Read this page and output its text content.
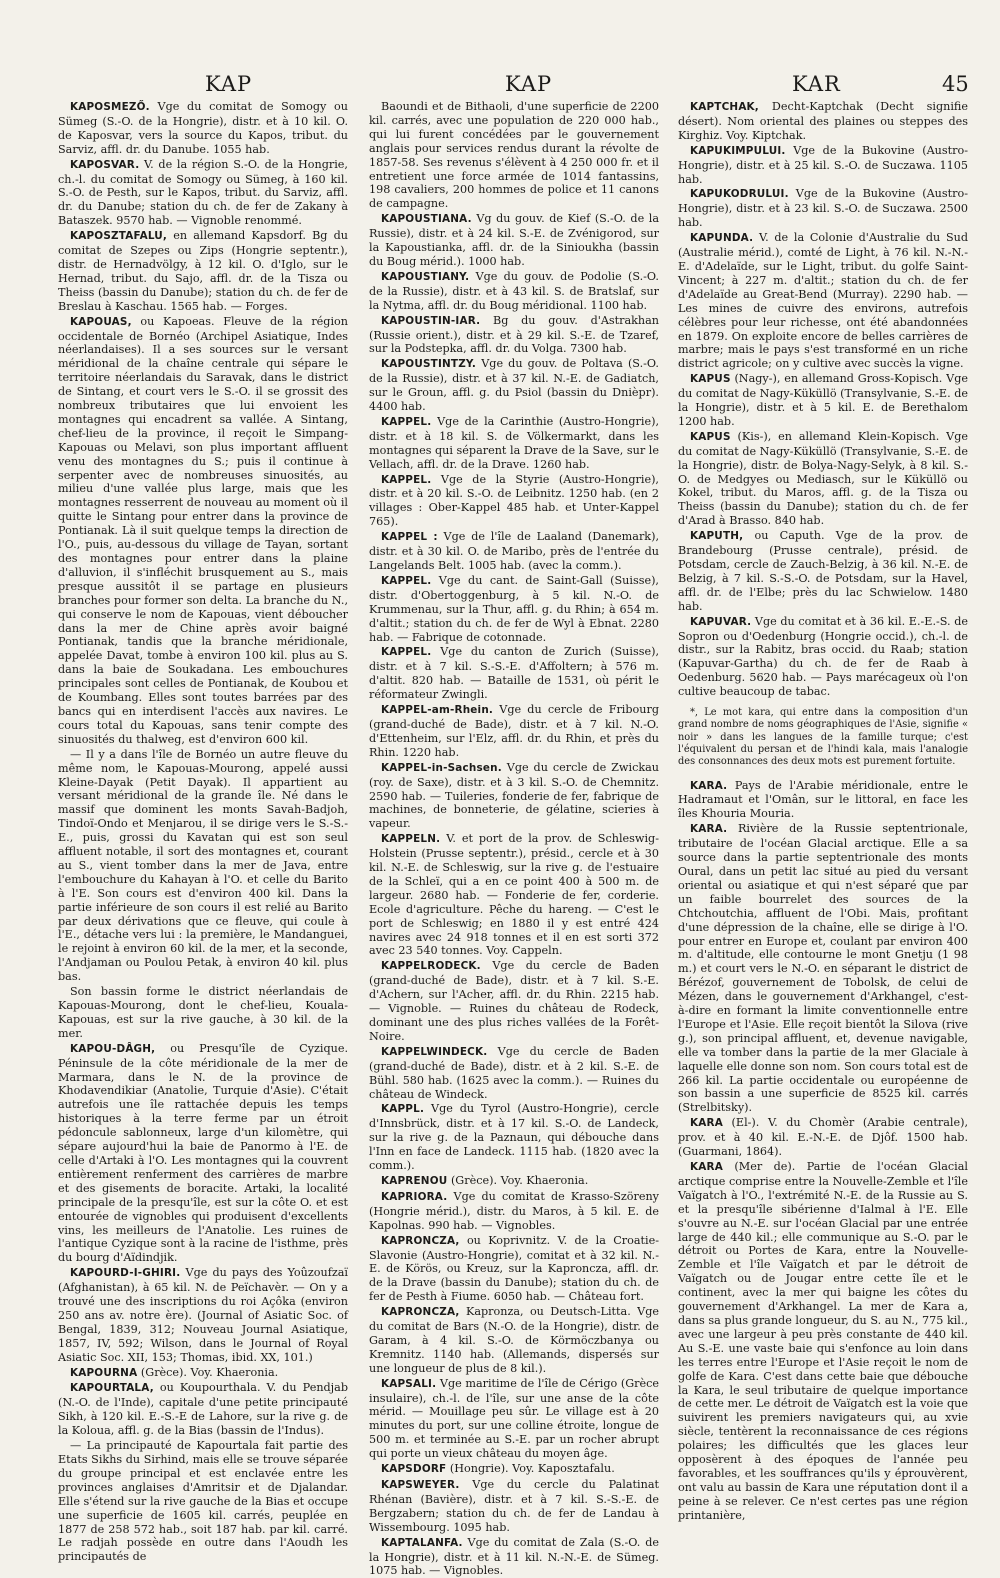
KAP	KAP	KAR	45

KAPOSMEZŐ. Vge du comitat de Somogy ou Sümeg (S.-O. de la Hongrie), distr. et à 10 kil. O. de Kaposvar, vers la source du Kapos, tribut. du Sarviz, affl. dr. du Danube. 1055 hab.

KAPOSVAR. V. de la région S.-O. de la Hongrie, ch.-l. du comitat de Somogy ou Sümeg, à 160 kil. S.-O. de Pesth, sur le Kapos, tribut. du Sarviz, affl. dr. du Danube; station du ch. de fer de Zakany à Bataszek. 9570 hab. — Vignoble renommé.

KAPOSZTAFALU, en allemand Kapsdorf. Bg du comitat de Szepes ou Zips (Hongrie septentr.), distr. de Hernadvölgy, à 12 kil. O. d'Iglo, sur le Hernad, tribut. du Sajo, affl. dr. de la Tisza ou Theiss (bassin du Danube); station du ch. de fer de Breslau à Kaschau. 1565 hab. — Forges.

KAPOUAS, ou Kapoeas. Fleuve de la région occidentale de Bornéo (Archipel Asiatique, Indes néerlandaises). Il a ses sources sur le versant méridional de la chaîne centrale qui sépare le territoire néerlandais du Saravak, dans le district de Sintang, et court vers le S.-O. il se grossit des nombreux tributaires que lui envoient les montagnes qui encadrent sa vallée. A Sintang, chef-lieu de la province, il reçoit le Simpang-Kapouas ou Melavi, son plus important affluent venu des montagnes du S.; puis il continue à serpenter avec de nombreuses sinuosités, au milieu d'une vallée plus large, mais que les montagnes resserrent de nouveau au moment où il quitte le Sintang pour entrer dans la province de Pontianak. Là il suit quelque temps la direction de l'O., puis, au-dessous du village de Tayan, sortant des montagnes pour entrer dans la plaine d'alluvion, il s'infléchit brusquement au S., mais presque aussitôt il se partage en plusieurs branches pour former son delta. La branche du N., qui conserve le nom de Kapouas, vient déboucher dans la mer de Chine après avoir baigné Pontianak, tandis que la branche méridionale, appelée Davat, tombe à environ 100 kil. plus au S. dans la baie de Soukadana. Les embouchures principales sont celles de Pontianak, de Koubou et de Koumbang. Elles sont toutes barrées par des bancs qui en interdisent l'accès aux navires. Le cours total du Kapouas, sans tenir compte des sinuosités du thalweg, est d'environ 600 kil.

— Il y a dans l'île de Bornéo un autre fleuve du même nom, le Kapouas-Mourong, appelé aussi Kleine-Dayak (Petit Dayak). Il appartient au versant méridional de la grande île. Né dans le massif que dominent les monts Savah-Badjoh, Tindoï-Ondo et Menjarou, il se dirige vers le S.-S.-E., puis, grossi du Kavatan qui est son seul affluent notable, il sort des montagnes et, courant au S., vient tomber dans la mer de Java, entre l'embouchure du Kahayan à l'O. et celle du Barito à l'E. Son cours est d'environ 400 kil. Dans la partie inférieure de son cours il est relié au Barito par deux dérivations que ce fleuve, qui coule à l'E., détache vers lui : la première, le Mandanguei, le rejoint à environ 60 kil. de la mer, et la seconde, l'Andjaman ou Poulou Petak, à environ 40 kil. plus bas.

Son bassin forme le district néerlandais de Kapouas-Mourong, dont le chef-lieu, Kouala-Kapouas, est sur la rive gauche, à 30 kil. de la mer.

KAPOU-DÂGH, ou Presqu'île de Cyzique. Péninsule de la côte méridionale de la mer de Marmara, dans le N. de la province de Khodavendikiar (Anatolie, Turquie d'Asie). C'était autrefois une île rattachée depuis les temps historiques à la terre ferme par un étroit pédoncule sablonneux, large d'un kilomètre, qui sépare aujourd'hui la baie de Panormo à l'E. de celle d'Artaki à l'O. Les montagnes qui la couvrent entièrement renferment des carrières de marbre et des gisements de boracite. Artaki, la localité principale de la presqu'île, est sur la côte O. et est entourée de vignobles qui produisent d'excellents vins, les meilleurs de l'Anatolie. Les ruines de l'antique Cyzique sont à la racine de l'isthme, près du bourg d'Aïdindjik.

KAPOURD-I-GHIRI. Vge du pays des Yoûzoufzaï (Afghanistan), à 65 kil. N. de Peïchavèr. — On y a trouvé une des inscriptions du roi Açôka (environ 250 ans av. notre ère). (Journal of Asiatic Soc. of Bengal, 1839, 312; Nouveau Journal Asiatique, 1857, IV, 592; Wilson, dans le Journal of Royal Asiatic Soc. XII, 153; Thomas, ibid. XX, 101.)

KAPOURNA (Grèce). Voy. Khaeronia.

KAPOURTALA, ou Koupourthala. V. du Pendjab (N.-O. de l'Inde), capitale d'une petite principauté Sikh, à 120 kil. E.-S.-E de Lahore, sur la rive g. de la Koloua, affl. g. de la Bias (bassin de l'Indus).

— La principauté de Kapourtala fait partie des Etats Sikhs du Sirhind, mais elle se trouve séparée du groupe principal et est enclavée entre les provinces anglaises d'Amritsir et de Djalandar. Elle s'étend sur la rive gauche de la Bias et occupe une superficie de 1605 kil. carrés, peuplée en 1877 de 258 572 hab., soit 187 hab. par kil. carré. Le radjah possède en outre dans l'Aoudh les principautés de

Baoundi et de Bithaoli, d'une superficie de 2200 kil. carrés, avec une population de 220 000 hab., qui lui furent concédées par le gouvernement anglais pour services rendus durant la révolte de 1857-58. Ses revenus s'élèvent à 4 250 000 fr. et il entretient une force armée de 1014 fantassins, 198 cavaliers, 200 hommes de police et 11 canons de campagne.

KAPOUSTIANA. Vg du gouv. de Kief (S.-O. de la Russie), distr. et à 24 kil. S.-E. de Zvénigorod, sur la Kapoustianka, affl. dr. de la Sinioukha (bassin du Boug mérid.). 1000 hab.

KAPOUSTIANY. Vge du gouv. de Podolie (S.-O. de la Russie), distr. et à 43 kil. S. de Bratslaf, sur la Nytma, affl. dr. du Boug méridional. 1100 hab.

KAPOUSTIN-IAR. Bg du gouv. d'Astrakhan (Russie orient.), distr. et à 29 kil. S.-E. de Tzaref, sur la Podstepka, affl. dr. du Volga. 7300 hab.

KAPOUSTINTZY. Vge du gouv. de Poltava (S.-O. de la Russie), distr. et à 37 kil. N.-E. de Gadiatch, sur le Groun, affl. g. du Psiol (bassin du Dnièpr). 4400 hab.

KAPPEL. Vge de la Carinthie (Austro-Hongrie), distr. et à 18 kil. S. de Völkermarkt, dans les montagnes qui séparent la Drave de la Save, sur le Vellach, affl. dr. de la Drave. 1260 hab.

KAPPEL. Vge de la Styrie (Austro-Hongrie), distr. et à 20 kil. S.-O. de Leibnitz. 1250 hab. (en 2 villages : Ober-Kappel 485 hab. et Unter-Kappel 765).

KAPPEL : Vge de l'île de Laaland (Danemark), distr. et à 30 kil. O. de Maribo, près de l'entrée du Langelands Belt. 1005 hab. (avec la comm.).

KAPPEL. Vge du cant. de Saint-Gall (Suisse), distr. d'Obertoggenburg, à 5 kil. N.-O. de Krummenau, sur la Thur, affl. g. du Rhin; à 654 m. d'altit.; station du ch. de fer de Wyl à Ebnat. 2280 hab. — Fabrique de cotonnade.

KAPPEL. Vge du canton de Zurich (Suisse), distr. et à 7 kil. S.-S.-E. d'Affoltern; à 576 m. d'altit. 820 hab. — Bataille de 1531, où périt le réformateur Zwingli.

KAPPEL-am-Rhein. Vge du cercle de Fribourg (grand-duché de Bade), distr. et à 7 kil. N.-O. d'Ettenheim, sur l'Elz, affl. dr. du Rhin, et près du Rhin. 1220 hab.

KAPPEL-in-Sachsen. Vge du cercle de Zwickau (roy. de Saxe), distr. et à 3 kil. S.-O. de Chemnitz. 2590 hab. — Tuileries, fonderie de fer, fabrique de machines, de bonneterie, de gélatine, scieries à vapeur.

KAPPELN. V. et port de la prov. de Schleswig-Holstein (Prusse septentr.), présid., cercle et à 30 kil. N.-E. de Schleswig, sur la rive g. de l'estuaire de la Schleï, qui a en ce point 400 à 500 m. de largeur. 2680 hab. — Fonderie de fer, corderie. Ecole d'agriculture. Pêche du hareng. — C'est le port de Schleswig; en 1880 il y est entré 424 navires avec 24 918 tonnes et il en est sorti 372 avec 23 540 tonnes. Voy. Cappeln.

KAPPELRODECK. Vge du cercle de Baden (grand-duché de Bade), distr. et à 7 kil. S.-E. d'Achern, sur l'Acher, affl. dr. du Rhin. 2215 hab. — Vignoble. — Ruines du château de Rodeck, dominant une des plus riches vallées de la Forêt-Noire.

KAPPELWINDECK. Vge du cercle de Baden (grand-duché de Bade), distr. et à 2 kil. S.-E. de Bühl. 580 hab. (1625 avec la comm.). — Ruines du château de Windeck.

KAPPL. Vge du Tyrol (Austro-Hongrie), cercle d'Innsbrück, distr. et à 17 kil. S.-O. de Landeck, sur la rive g. de la Paznaun, qui débouche dans l'Inn en face de Landeck. 1115 hab. (1820 avec la comm.).

KAPRENOU (Grèce). Voy. Khaeronia.

KAPRIORA. Vge du comitat de Krasso-Szöreny (Hongrie mérid.), distr. du Maros, à 5 kil. E. de Kapolnas. 990 hab. — Vignobles.

KAPRONCZA, ou Koprivnitz. V. de la Croatie-Slavonie (Austro-Hongrie), comitat et à 32 kil. N.-E. de Körös, ou Kreuz, sur la Kapronczа, affl. dr. de la Drave (bassin du Danube); station du ch. de fer de Pesth à Fiume. 6050 hab. — Château fort.

KAPRONCZA, Kapronza, ou Deutsch-Litta. Vge du comitat de Bars (N.-O. de la Hongrie), distr. de Garam, à 4 kil. S.-O. de Körmöczbanya ou Kremnitz. 1140 hab. (Allemands, dispersés sur une longueur de plus de 8 kil.).

KAPSALI. Vge maritime de l'île de Cérigo (Grèce insulaire), ch.-l. de l'île, sur une anse de la côte mérid. — Mouillage peu sûr. Le village est à 20 minutes du port, sur une colline étroite, longue de 500 m. et terminée au S.-E. par un rocher abrupt qui porte un vieux château du moyen âge.

KAPSDORF (Hongrie). Voy. Kaposztafalu.

KAPSWEYER. Vge du cercle du Palatinat Rhénan (Bavière), distr. et à 7 kil. S.-S.-E. de Bergzabern; station du ch. de fer de Landau à Wissembourg. 1095 hab.

KAPTALANFA. Vge du comitat de Zala (S.-O. de la Hongrie), distr. et à 11 kil. N.-N.-E. de Sümeg. 1075 hab. — Vignobles.

KAPTCHAK, Decht-Kaptchak (Decht signifie désert). Nom oriental des plaines ou steppes des Kirghiz. Voy. Kiptchak.

KAPUKIMPULUI. Vge de la Bukovine (Austro-Hongrie), distr. et à 25 kil. S.-O. de Suczawa. 1105 hab.

KAPUKODRULUI. Vge de la Bukovine (Austro-Hongrie), distr. et à 23 kil. S.-O. de Suczawa. 2500 hab.

KAPUNDA. V. de la Colonie d'Australie du Sud (Australie mérid.), comté de Light, à 76 kil. N.-N.-E. d'Adelaïde, sur le Light, tribut. du golfe Saint-Vincent; à 227 m. d'altit.; station du ch. de fer d'Adelaïde au Great-Bend (Murray). 2290 hab. — Les mines de cuivre des environs, autrefois célèbres pour leur richesse, ont été abandonnées en 1879. On exploite encore de belles carrières de marbre; mais le pays s'est transformé en un riche district agricole; on y cultive avec succès la vigne.

KAPUS (Nagy-), en allemand Gross-Kopisch. Vge du comitat de Nagy-Küküllö (Transylvanie, S.-E. de la Hongrie), distr. et à 5 kil. E. de Berethalom 1200 hab.

KAPUS (Kis-), en allemand Klein-Kopisch. Vge du comitat de Nagy-Küküllö (Transylvanie, S.-E. de la Hongrie), distr. de Bolya-Nagy-Selyk, à 8 kil. S.-O. de Medgyes ou Mediasch, sur le Küküllö ou Kokel, tribut. du Maros, affl. g. de la Tisza ou Theiss (bassin du Danube); station du ch. de fer d'Arad à Brasso. 840 hab.

KAPUTH, ou Caputh. Vge de la prov. de Brandebourg (Prusse centrale), présid. de Potsdam, cercle de Zauch-Belzig, à 36 kil. N.-E. de Belzig, à 7 kil. S.-S.-O. de Potsdam, sur la Havel, affl. dr. de l'Elbe; près du lac Schwielow. 1480 hab.

KAPUVAR. Vge du comitat et à 36 kil. E.-E.-S. de Sopron ou d'Oedenburg (Hongrie occid.), ch.-l. de distr., sur la Rabitz, bras occid. du Raab; station (Kapuvar-Gartha) du ch. de fer de Raab à Oedenburg. 5620 hab. — Pays marécageux où l'on cultive beaucoup de tabac.

*, Le mot kara, qui entre dans la composition d'un grand nombre de noms géographiques de l'Asie, signifie « noir » dans les langues de la famille turque; c'est l'équivalent du persan et de l'hindi kala, mais l'analogie des consonnances des deux mots est purement fortuite.

KARA. Pays de l'Arabie méridionale, entre le Hadramaut et l'Omân, sur le littoral, en face les îles Khouria Mouria.

KARA. Rivière de la Russie septentrionale, tributaire de l'océan Glacial arctique. Elle a sa source dans la partie septentrionale des monts Oural, dans un petit lac situé au pied du versant oriental ou asiatique et qui n'est séparé que par un faible bourrelet des sources de la Chtchoutchia, affluent de l'Obi. Mais, profitant d'une dépression de la chaîne, elle se dirige à l'O. pour entrer en Europe et, coulant par environ 400 m. d'altitude, elle contourne le mont Gnetju (1 98 m.) et court vers le N.-O. en séparant le district de Bérézof, gouvernement de Tobolsk, de celui de Mézen, dans le gouvernement d'Arkhangel, c'est-à-dire en formant la limite conventionnelle entre l'Europe et l'Asie. Elle reçoit bientôt la Silova (rive g.), son principal affluent, et, devenue navigable, elle va tomber dans la partie de la mer Glaciale à laquelle elle donne son nom. Son cours total est de 266 kil. La partie occidentale ou européenne de son bassin a une superficie de 8525 kil. carrés (Strelbitsky).

KARA (El-). V. du Chomèr (Arabie centrale), prov. et à 40 kil. E.-N.-E. de Djôf. 1500 hab. (Guarmani, 1864).

KARA (Mer de). Partie de l'océan Glacial arctique comprise entre la Nouvelle-Zemble et l'île Vaïgatch à l'O., l'extrémité N.-E. de la Russie au S. et la presqu'île sibérienne d'Ialmal à l'E. Elle s'ouvre au N.-E. sur l'océan Glacial par une entrée large de 440 kil.; elle communique au S.-O. par le détroit ou Portes de Kara, entre la Nouvelle-Zemble et l'île Vaïgatch et par le détroit de Vaïgatch ou de Jougar entre cette île et le continent, avec la mer qui baigne les côtes du gouvernement d'Arkhangel. La mer de Kara a, dans sa plus grande longueur, du S. au N., 775 kil., avec une largeur à peu près constante de 440 kil. Au S.-E. une vaste baie qui s'enfonce au loin dans les terres entre l'Europe et l'Asie reçoit le nom de golfe de Kara. C'est dans cette baie que débouche la Kara, le seul tributaire de quelque importance de cette mer. Le détroit de Vaïgatch est la voie que suivirent les premiers navigateurs qui, au xvie siècle, tentèrent la reconnaissance de ces régions polaires; les difficultés que les glaces leur opposèrent à des époques de l'année peu favorables, et les souffrances qu'ils y éprouvèrent, ont valu au bassin de Kara une réputation dont il a peine à se relever. Ce n'est certes pas une région printanière,
